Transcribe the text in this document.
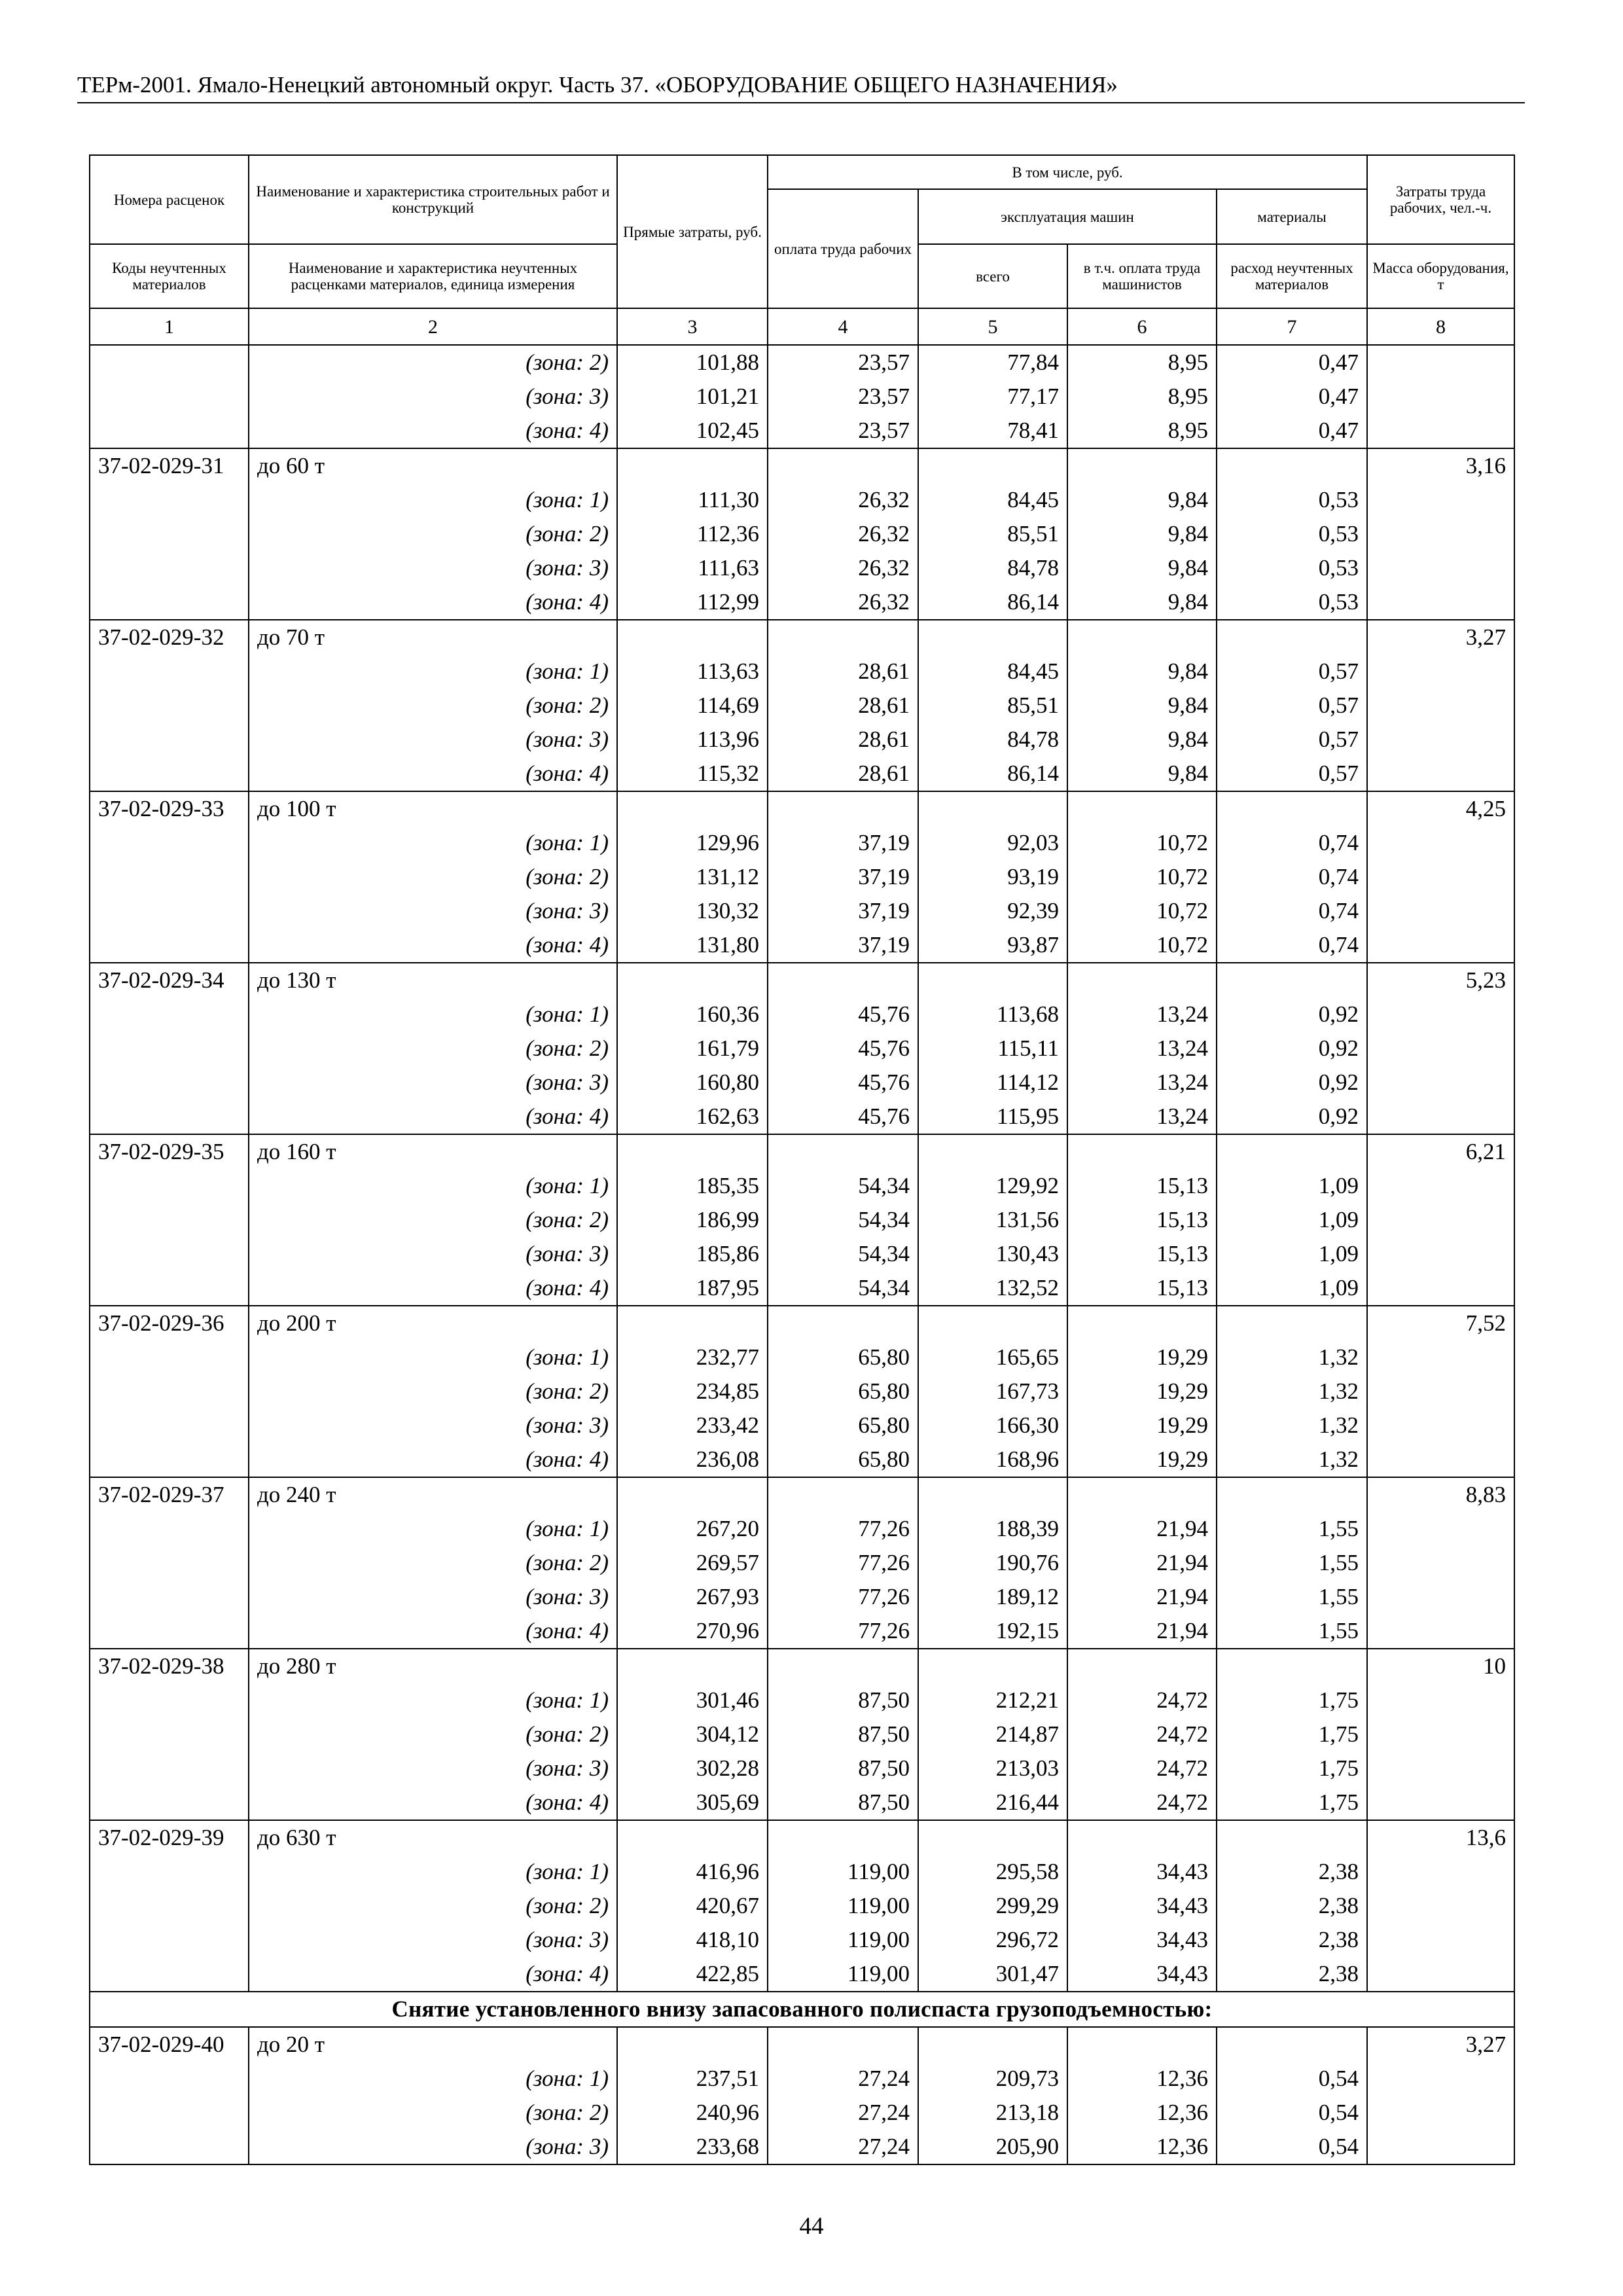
ТЕРм-2001. Ямало-Ненецкий автономный округ. Часть 37. «ОБОРУДОВАНИЕ ОБЩЕГО НАЗНАЧЕНИЯ»
Номера расценок	Наименование и характеристика строительных работ и конструкций	Прямые затраты, руб.	В том числе, руб.				Затраты труда рабочих, чел.-ч.
			оплата труда рабочих	эксплуатация машин		материалы	
Коды неучтенных материалов	Наименование и характеристика неучтенных расценками материалов, единица измерения			всего	в т.ч. оплата труда машинистов	расход неучтенных материалов	Масса оборудования, т
1	2	3	4	5	6	7	8
	(зона: 2)	101,88	23,57	77,84	8,95	0,47	
	(зона: 3)	101,21	23,57	77,17	8,95	0,47	
	(зона: 4)	102,45	23,57	78,41	8,95	0,47	
37-02-029-31	до 60 т						3,16
	(зона: 1)	111,30	26,32	84,45	9,84	0,53	
	(зона: 2)	112,36	26,32	85,51	9,84	0,53	
	(зона: 3)	111,63	26,32	84,78	9,84	0,53	
	(зона: 4)	112,99	26,32	86,14	9,84	0,53	
37-02-029-32	до 70 т						3,27
	(зона: 1)	113,63	28,61	84,45	9,84	0,57	
	(зона: 2)	114,69	28,61	85,51	9,84	0,57	
	(зона: 3)	113,96	28,61	84,78	9,84	0,57	
	(зона: 4)	115,32	28,61	86,14	9,84	0,57	
37-02-029-33	до 100 т						4,25
	(зона: 1)	129,96	37,19	92,03	10,72	0,74	
	(зона: 2)	131,12	37,19	93,19	10,72	0,74	
	(зона: 3)	130,32	37,19	92,39	10,72	0,74	
	(зона: 4)	131,80	37,19	93,87	10,72	0,74	
37-02-029-34	до 130 т						5,23
	(зона: 1)	160,36	45,76	113,68	13,24	0,92	
	(зона: 2)	161,79	45,76	115,11	13,24	0,92	
	(зона: 3)	160,80	45,76	114,12	13,24	0,92	
	(зона: 4)	162,63	45,76	115,95	13,24	0,92	
37-02-029-35	до 160 т						6,21
	(зона: 1)	185,35	54,34	129,92	15,13	1,09	
	(зона: 2)	186,99	54,34	131,56	15,13	1,09	
	(зона: 3)	185,86	54,34	130,43	15,13	1,09	
	(зона: 4)	187,95	54,34	132,52	15,13	1,09	
37-02-029-36	до 200 т						7,52
	(зона: 1)	232,77	65,80	165,65	19,29	1,32	
	(зона: 2)	234,85	65,80	167,73	19,29	1,32	
	(зона: 3)	233,42	65,80	166,30	19,29	1,32	
	(зона: 4)	236,08	65,80	168,96	19,29	1,32	
37-02-029-37	до 240 т						8,83
	(зона: 1)	267,20	77,26	188,39	21,94	1,55	
	(зона: 2)	269,57	77,26	190,76	21,94	1,55	
	(зона: 3)	267,93	77,26	189,12	21,94	1,55	
	(зона: 4)	270,96	77,26	192,15	21,94	1,55	
37-02-029-38	до 280 т						10
	(зона: 1)	301,46	87,50	212,21	24,72	1,75	
	(зона: 2)	304,12	87,50	214,87	24,72	1,75	
	(зона: 3)	302,28	87,50	213,03	24,72	1,75	
	(зона: 4)	305,69	87,50	216,44	24,72	1,75	
37-02-029-39	до 630 т						13,6
	(зона: 1)	416,96	119,00	295,58	34,43	2,38	
	(зона: 2)	420,67	119,00	299,29	34,43	2,38	
	(зона: 3)	418,10	119,00	296,72	34,43	2,38	
	(зона: 4)	422,85	119,00	301,47	34,43	2,38	
Снятие установленного внизу запасованного полиспаста грузоподъемностью:							
37-02-029-40	до 20 т						3,27
	(зона: 1)	237,51	27,24	209,73	12,36	0,54	
	(зона: 2)	240,96	27,24	213,18	12,36	0,54	
	(зона: 3)	233,68	27,24	205,90	12,36	0,54	
44
